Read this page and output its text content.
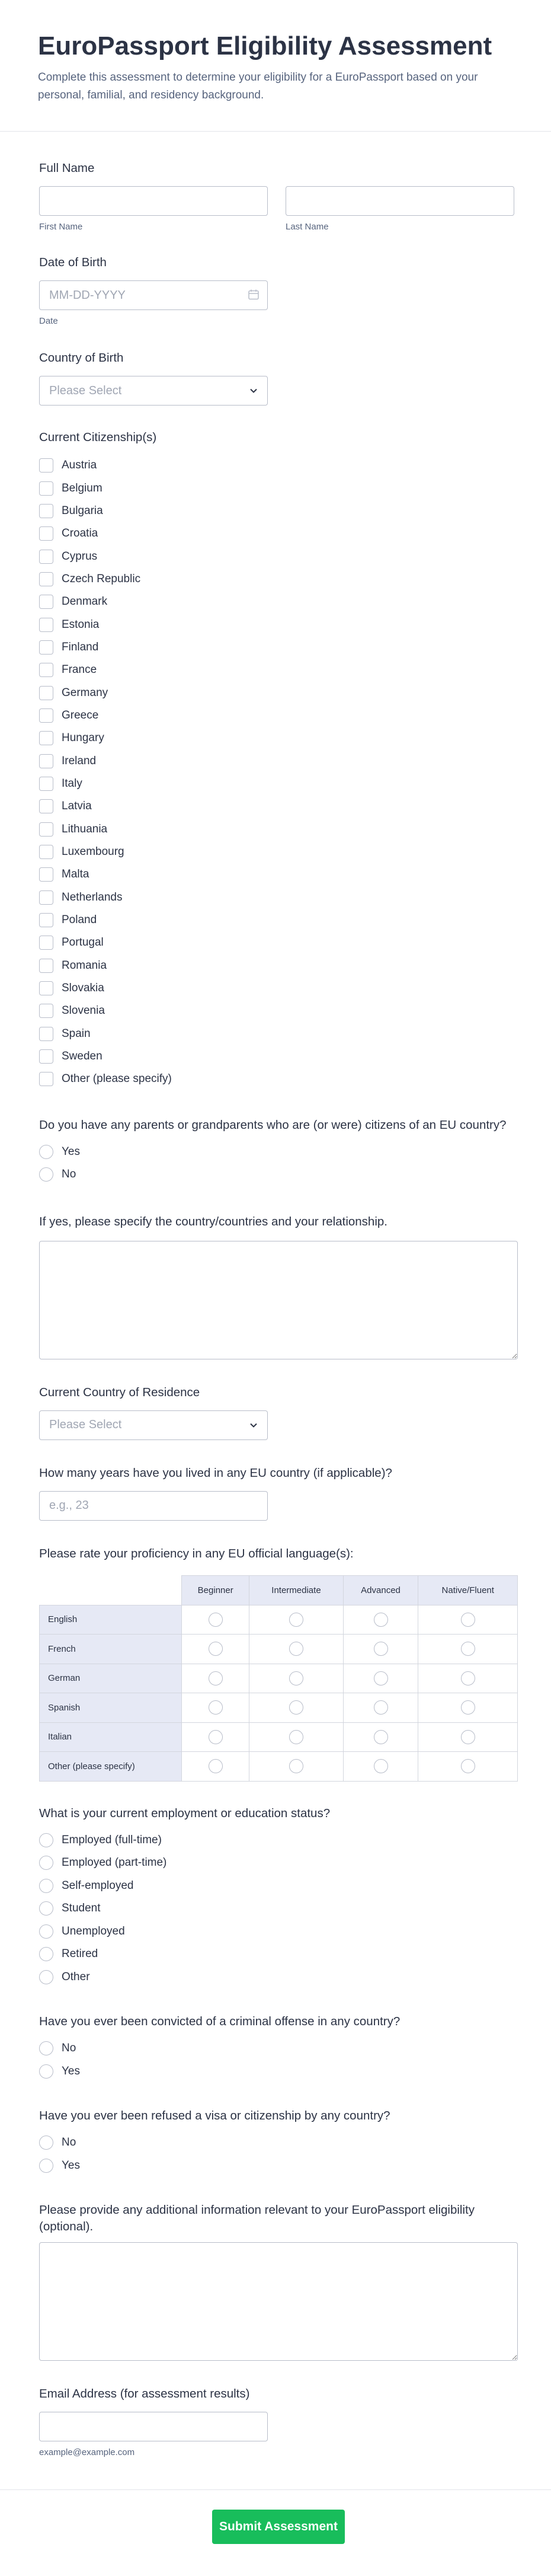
EuroPassport Eligibility Assessment

Complete this assessment to determine your eligibility for a EuroPassport based on your personal, familial, and residency background.

Full Name
First Name	Last Name
Date of Birth
MM-DD-YYYY
Date
Country of Birth
Please Select
Current Citizenship(s)
Austria
Belgium
Bulgaria
Croatia
Cyprus
Czech Republic
Denmark
Estonia
Finland
France
Germany
Greece
Hungary
Ireland
Italy
Latvia
Lithuania
Luxembourg
Malta
Netherlands
Poland
Portugal
Romania
Slovakia
Slovenia
Spain
Sweden
Other (please specify)
Do you have any parents or grandparents who are (or were) citizens of an EU country?
Yes
No
If yes, please specify the country/countries and your relationship.
Current Country of Residence
Please Select
How many years have you lived in any EU country (if applicable)?
e.g., 23
Please rate your proficiency in any EU official language(s):
	Beginner	Intermediate	Advanced	Native/Fluent
English				
French				
German				
Spanish				
Italian				
Other (please specify)				
What is your current employment or education status?
Employed (full-time)
Employed (part-time)
Self-employed
Student
Unemployed
Retired
Other
Have you ever been convicted of a criminal offense in any country?
No
Yes
Have you ever been refused a visa or citizenship by any country?
No
Yes
Please provide any additional information relevant to your EuroPassport eligibility (optional).
Email Address (for assessment results)
example@example.com
Submit Assessment
